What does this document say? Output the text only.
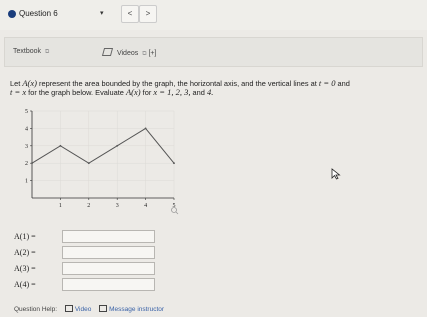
Question 6	▾	<	>
Textbook ⧉	Videos ⧉ [+]
Let A(x) represent the area bounded by the graph, the horizontal axis, and the vertical lines at t = 0 and
t = x for the graph below. Evaluate A(x) for x = 1, 2, 3, and 4.
1	2	3	4	5
1
2
3
4
5
A(1) =
A(2) =
A(3) =
A(4) =
Question Help:	Video	Message instructor
